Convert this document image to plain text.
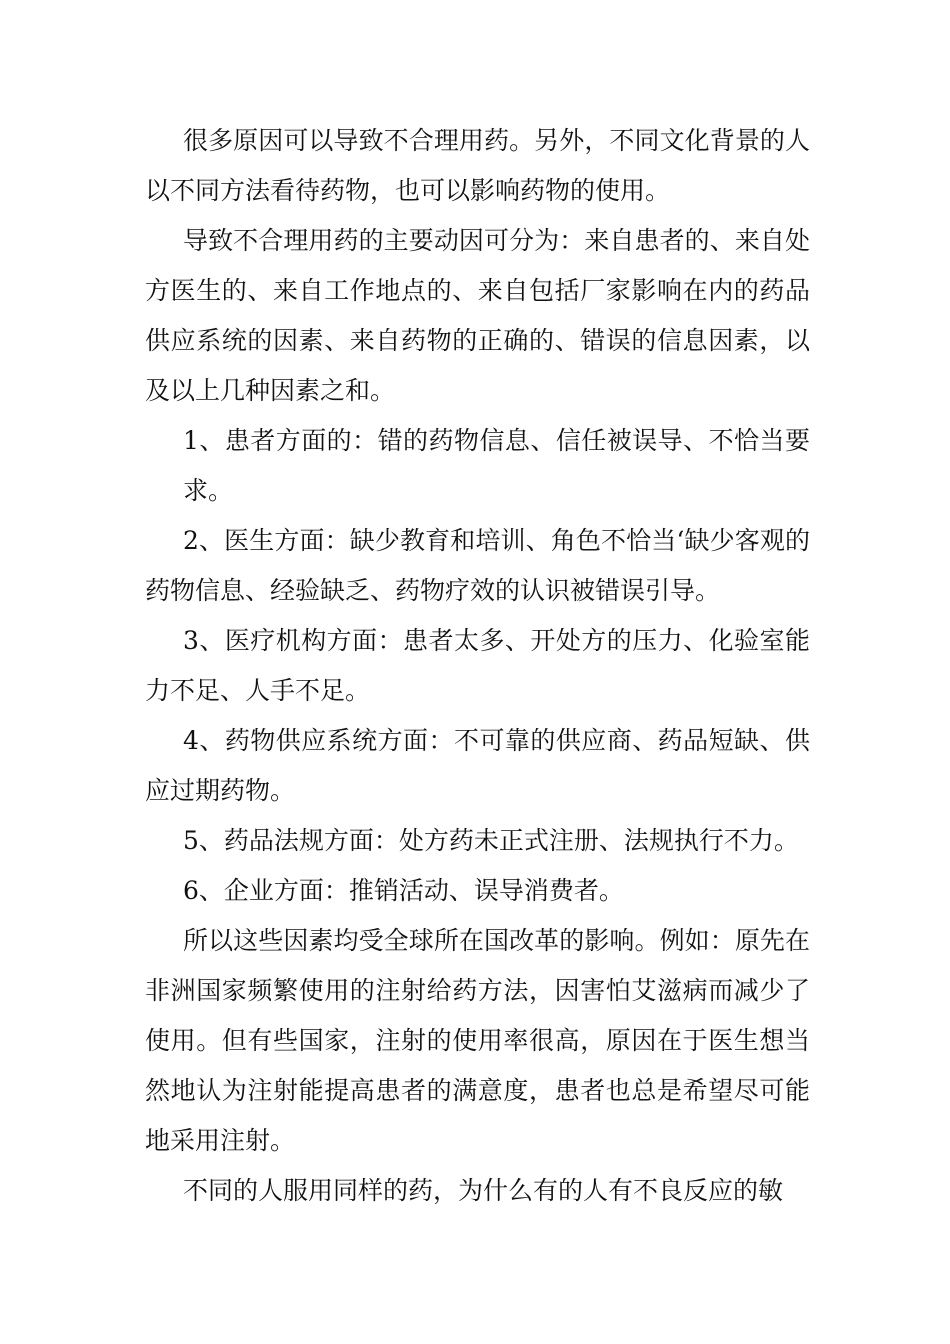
很多原因可以导致不合理用药。另外，不同文化背景的人以不同方法看待药物，也可以影响药物的使用。

导致不合理用药的主要动因可分为：来自患者的、来自处方医生的、来自工作地点的、来自包括厂家影响在内的药品供应系统的因素、来自药物的正确的、错误的信息因素，以及以上几种因素之和。

1、患者方面的：错的药物信息、信任被误导、不恰当要求。

2、医生方面：缺少教育和培训、角色不恰当‘缺少客观的药物信息、经验缺乏、药物疗效的认识被错误引导。

3、医疗机构方面：患者太多、开处方的压力、化验室能力不足、人手不足。

4、药物供应系统方面：不可靠的供应商、药品短缺、供应过期药物。

5、药品法规方面：处方药未正式注册、法规执行不力。

6、企业方面：推销活动、误导消费者。

所以这些因素均受全球所在国改革的影响。例如：原先在非洲国家频繁使用的注射给药方法，因害怕艾滋病而减少了使用。但有些国家，注射的使用率很高，原因在于医生想当然地认为注射能提高患者的满意度，患者也总是希望尽可能地采用注射。

不同的人服用同样的药，为什么有的人有不良反应的敏
